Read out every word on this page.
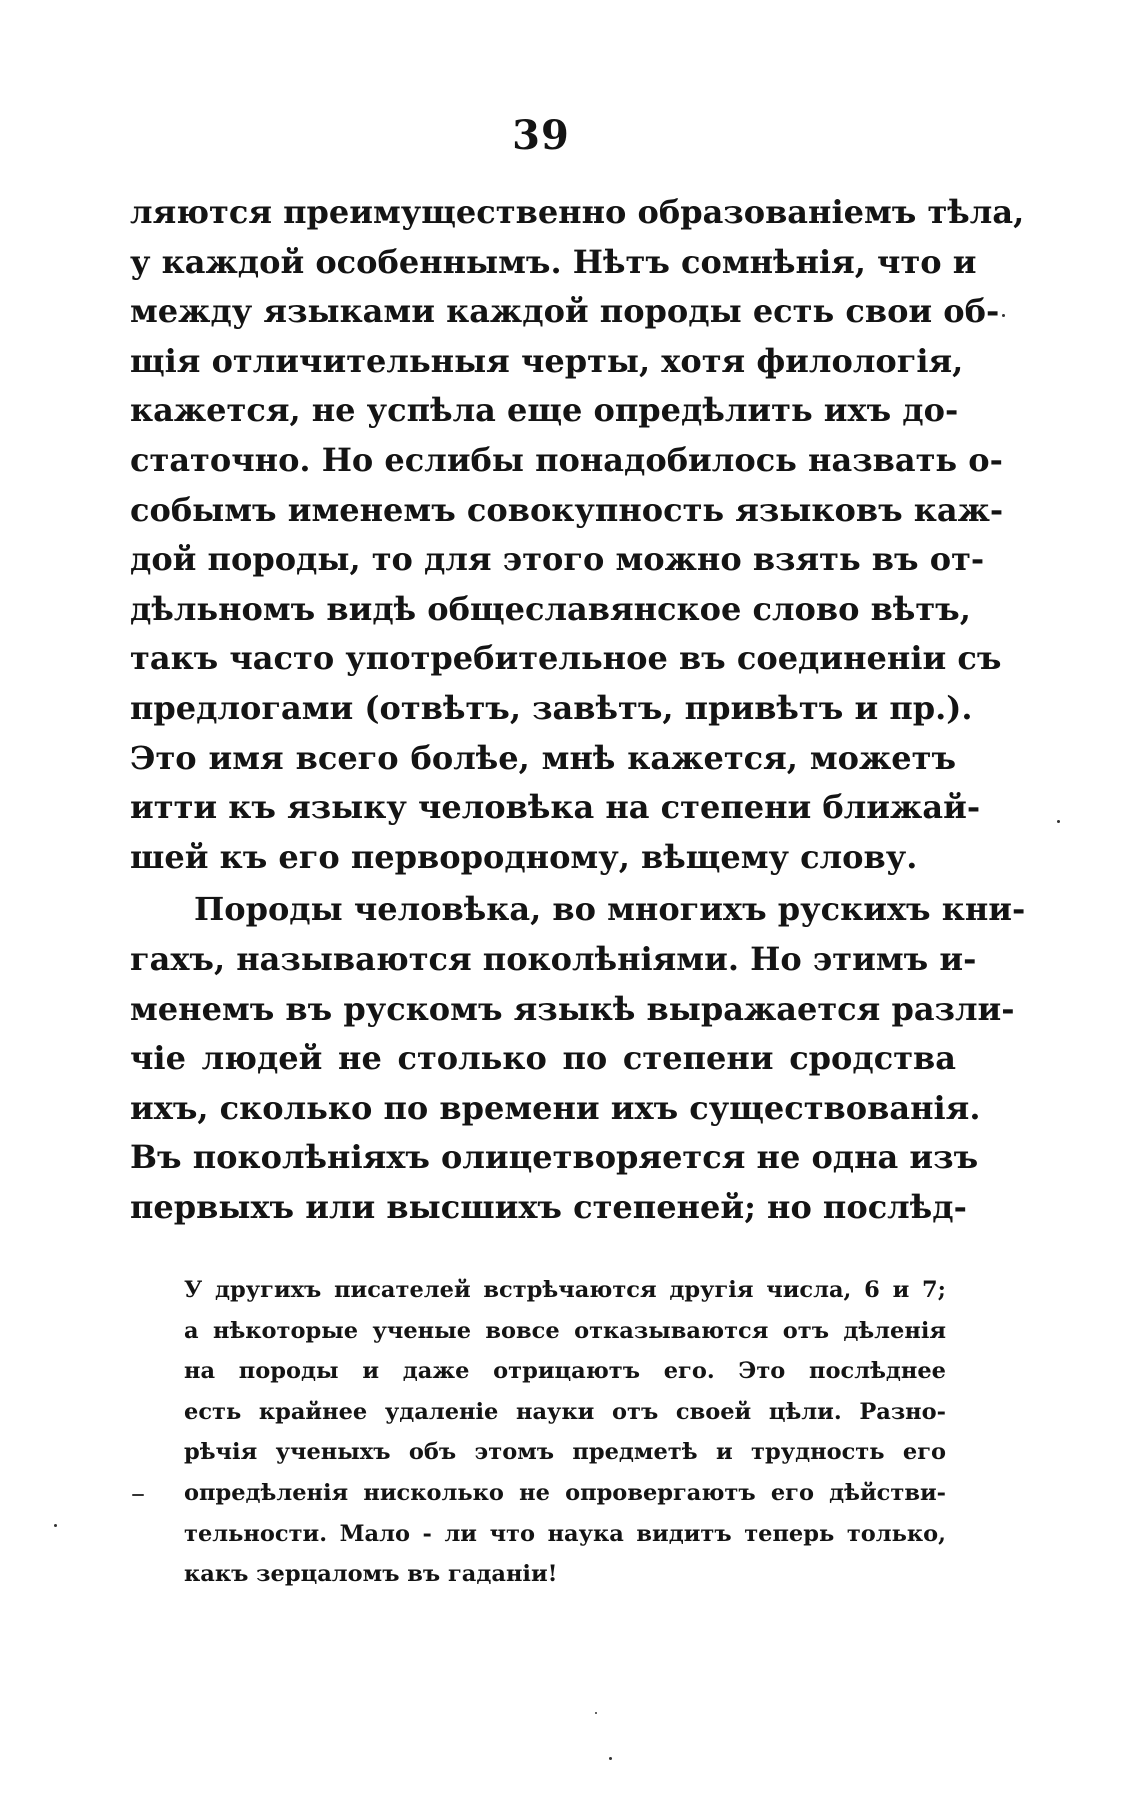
39
ляются преимущественно образованіемъ тѣла,
у каждой особеннымъ. Нѣтъ сомнѣнія, что и
между языками каждой породы есть свои об-
щія отличительныя черты, хотя филологія,
кажется, не успѣла еще опредѣлить ихъ до-
статочно. Но еслибы понадобилось назвать о-
собымъ именемъ совокупность языковъ каж-
дой породы, то для этого можно взять въ от-
дѣльномъ видѣ общеславянское слово вѣтъ,
такъ часто употребительное въ соединеніи съ
предлогами (отвѣтъ, завѣтъ, привѣтъ и пр.).
Это имя всего болѣе, мнѣ кажется, можетъ
итти къ языку человѣка на степени ближай-
шей къ его первородному, вѣщему слову.
Породы человѣка, во многихъ рускихъ кни-
гахъ, называются поколѣніями. Но этимъ и-
менемъ въ рускомъ языкѣ выражается разли-
чіе людей не столько по степени сродства
ихъ, сколько по времени ихъ существованія.
Въ поколѣніяхъ олицетворяется не одна изъ
первыхъ или высшихъ степеней; но послѣд-
У другихъ писателей встрѣчаются другія числа, 6 и 7;
а нѣкоторые ученые вовсе отказываются отъ дѣленія
на породы и даже отрицаютъ его. Это послѣднее
есть крайнее удаленіе науки отъ своей цѣли. Разно-
рѣчія ученыхъ объ этомъ предметѣ и трудность его
опредѣленія нисколько не опровергаютъ его дѣйстви-
тельности. Мало - ли что наука видитъ теперь только,
какъ зерцаломъ въ гаданіи!
